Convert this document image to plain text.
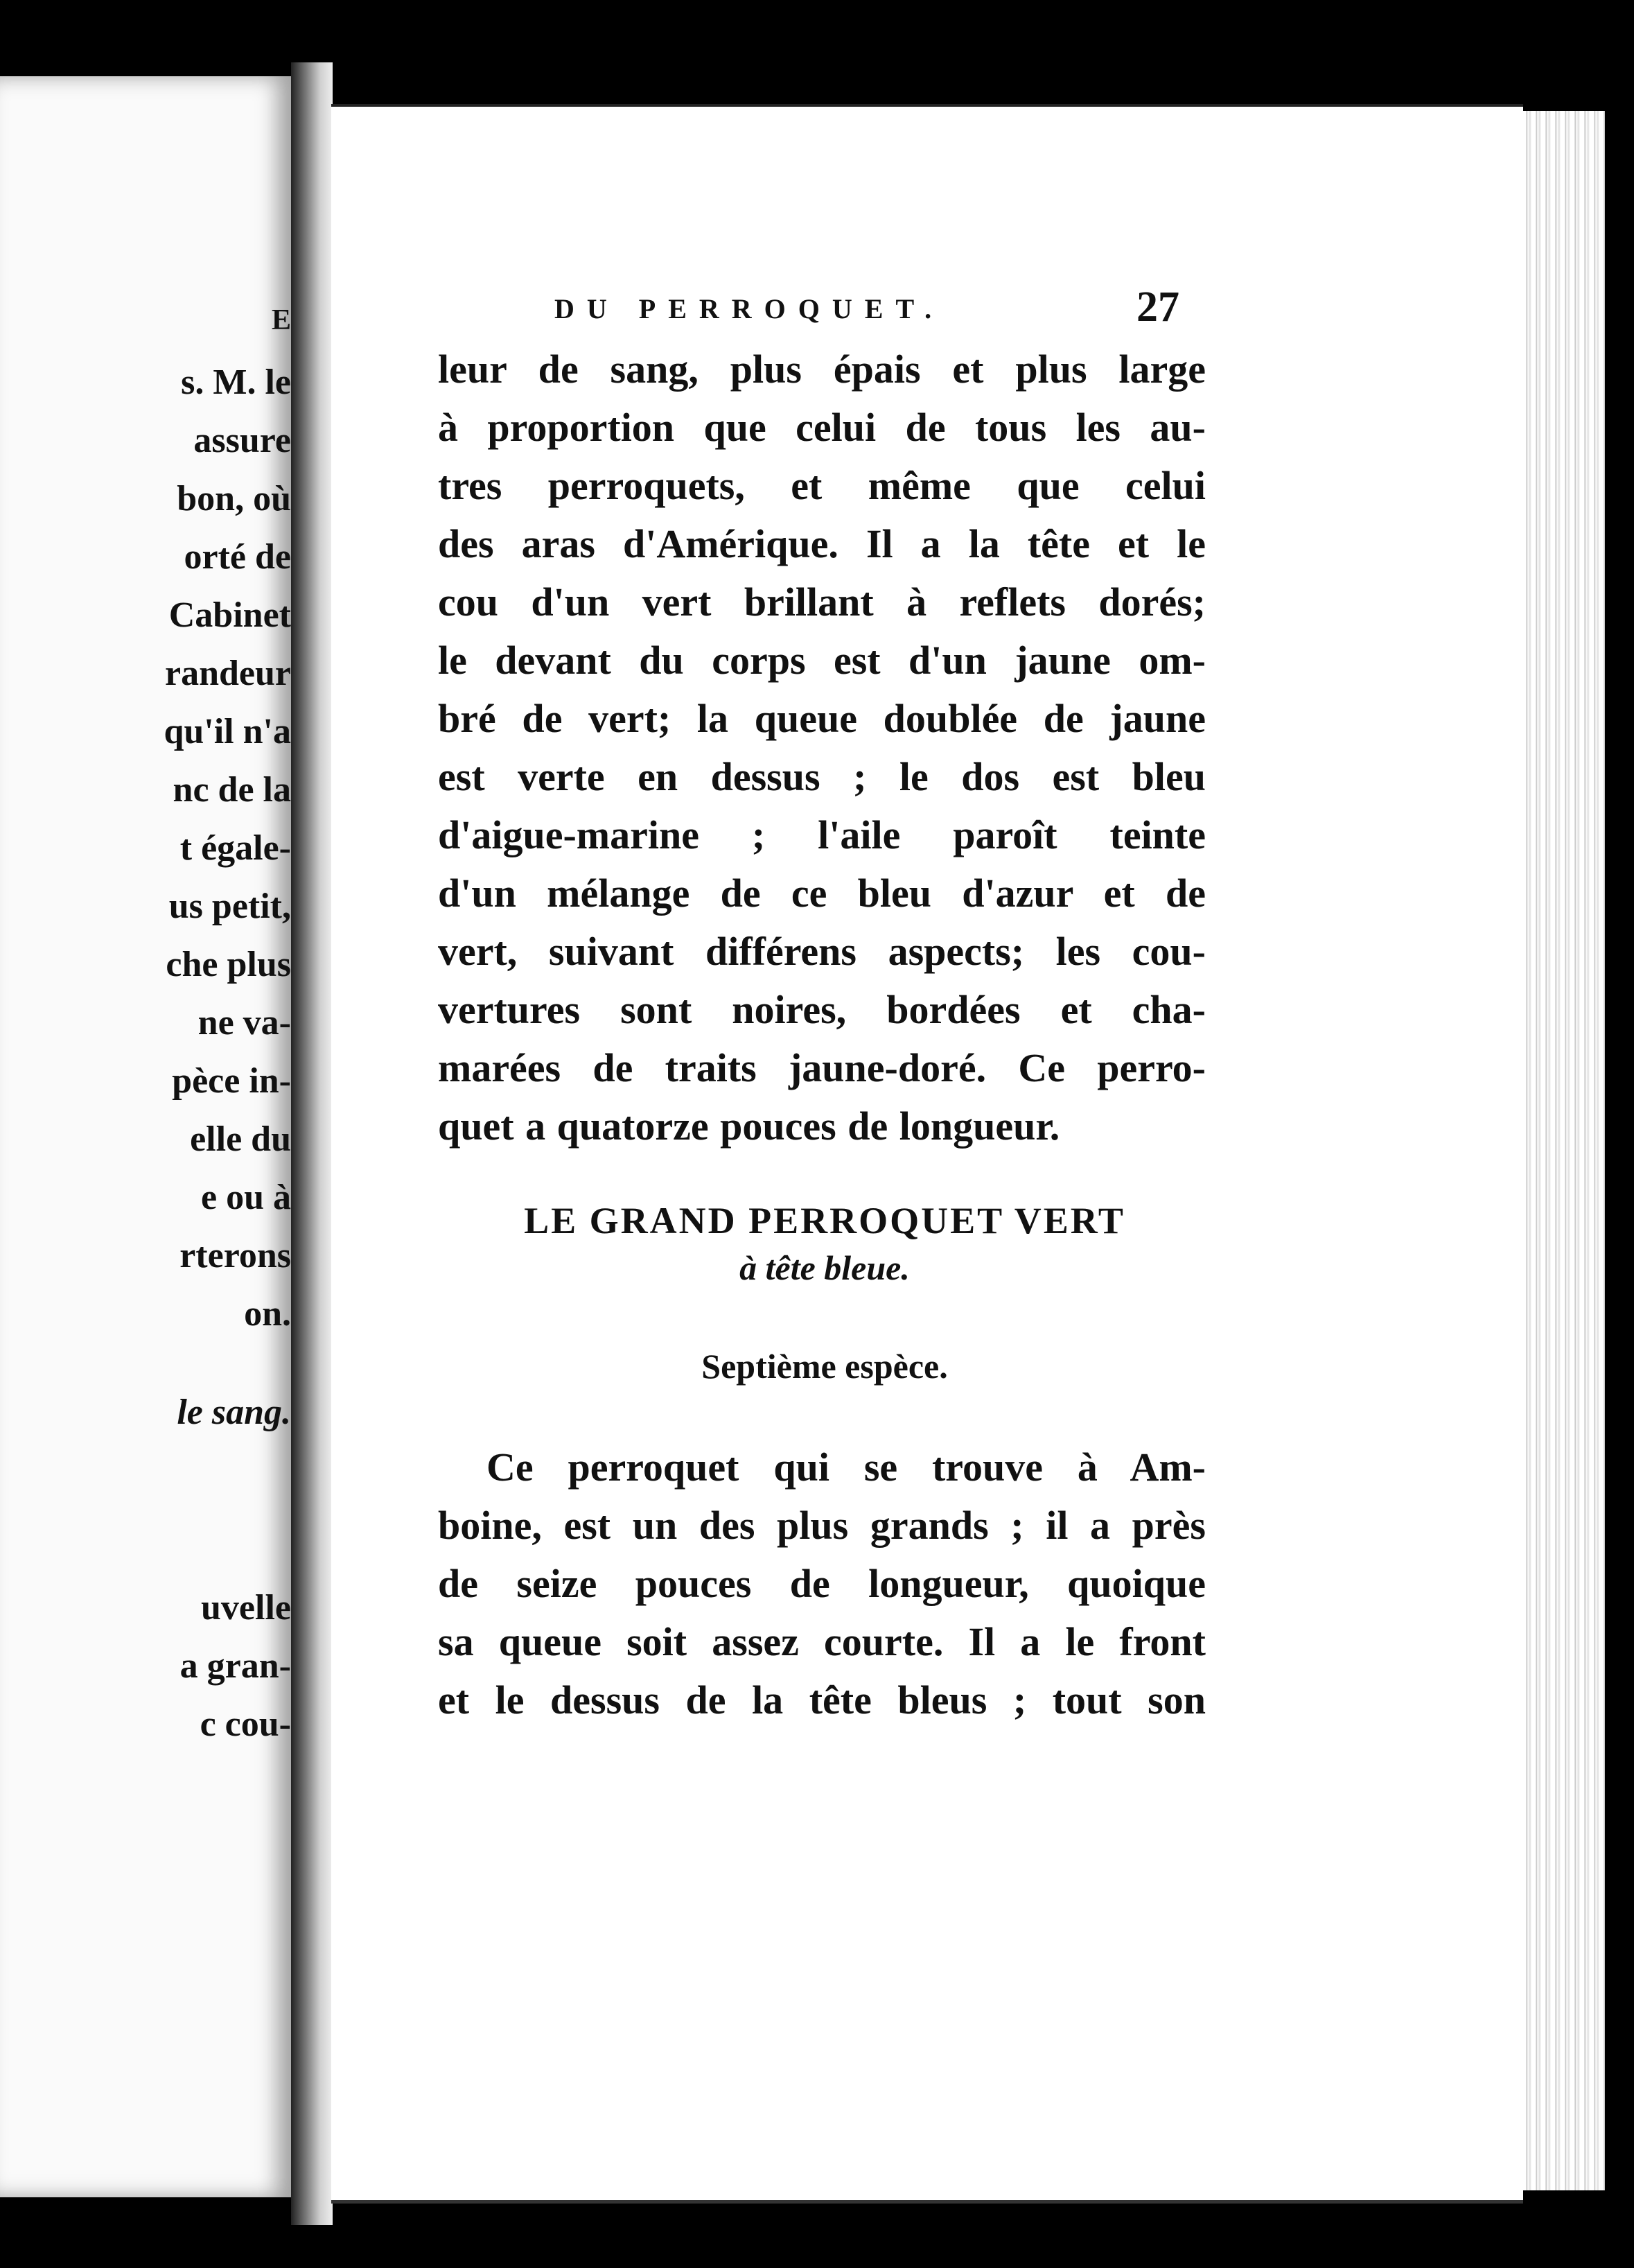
E
s. M. le
assure
bon, où
orté de
Cabinet
randeur
qu'il n'a
nc de la
t égale-
us petit,
che plus
ne va-
pèce in-
elle du
e ou à
rterons
on.
le sang.
uvelle
a gran-
c cou-
DU PERROQUET.	27
leur de sang, plus épais et plus large
à proportion que celui de tous les au-
tres perroquets, et même que celui
des aras d'Amérique. Il a la tête et le
cou d'un vert brillant à reflets dorés;
le devant du corps est d'un jaune om-
bré de vert; la queue doublée de jaune
est verte en dessus ; le dos est bleu
d'aigue-marine ; l'aile paroît teinte
d'un mélange de ce bleu d'azur et de
vert, suivant différens aspects; les cou-
vertures sont noires, bordées et cha-
marées de traits jaune-doré. Ce perro-
quet a quatorze pouces de longueur.
Ce perroquet qui se trouve à Am-
boine, est un des plus grands ; il a près
de seize pouces de longueur, quoique
sa queue soit assez courte. Il a le front
et le dessus de la tête bleus ; tout son
LE GRAND PERROQUET VERT
à tête bleue.
Septième espèce.
